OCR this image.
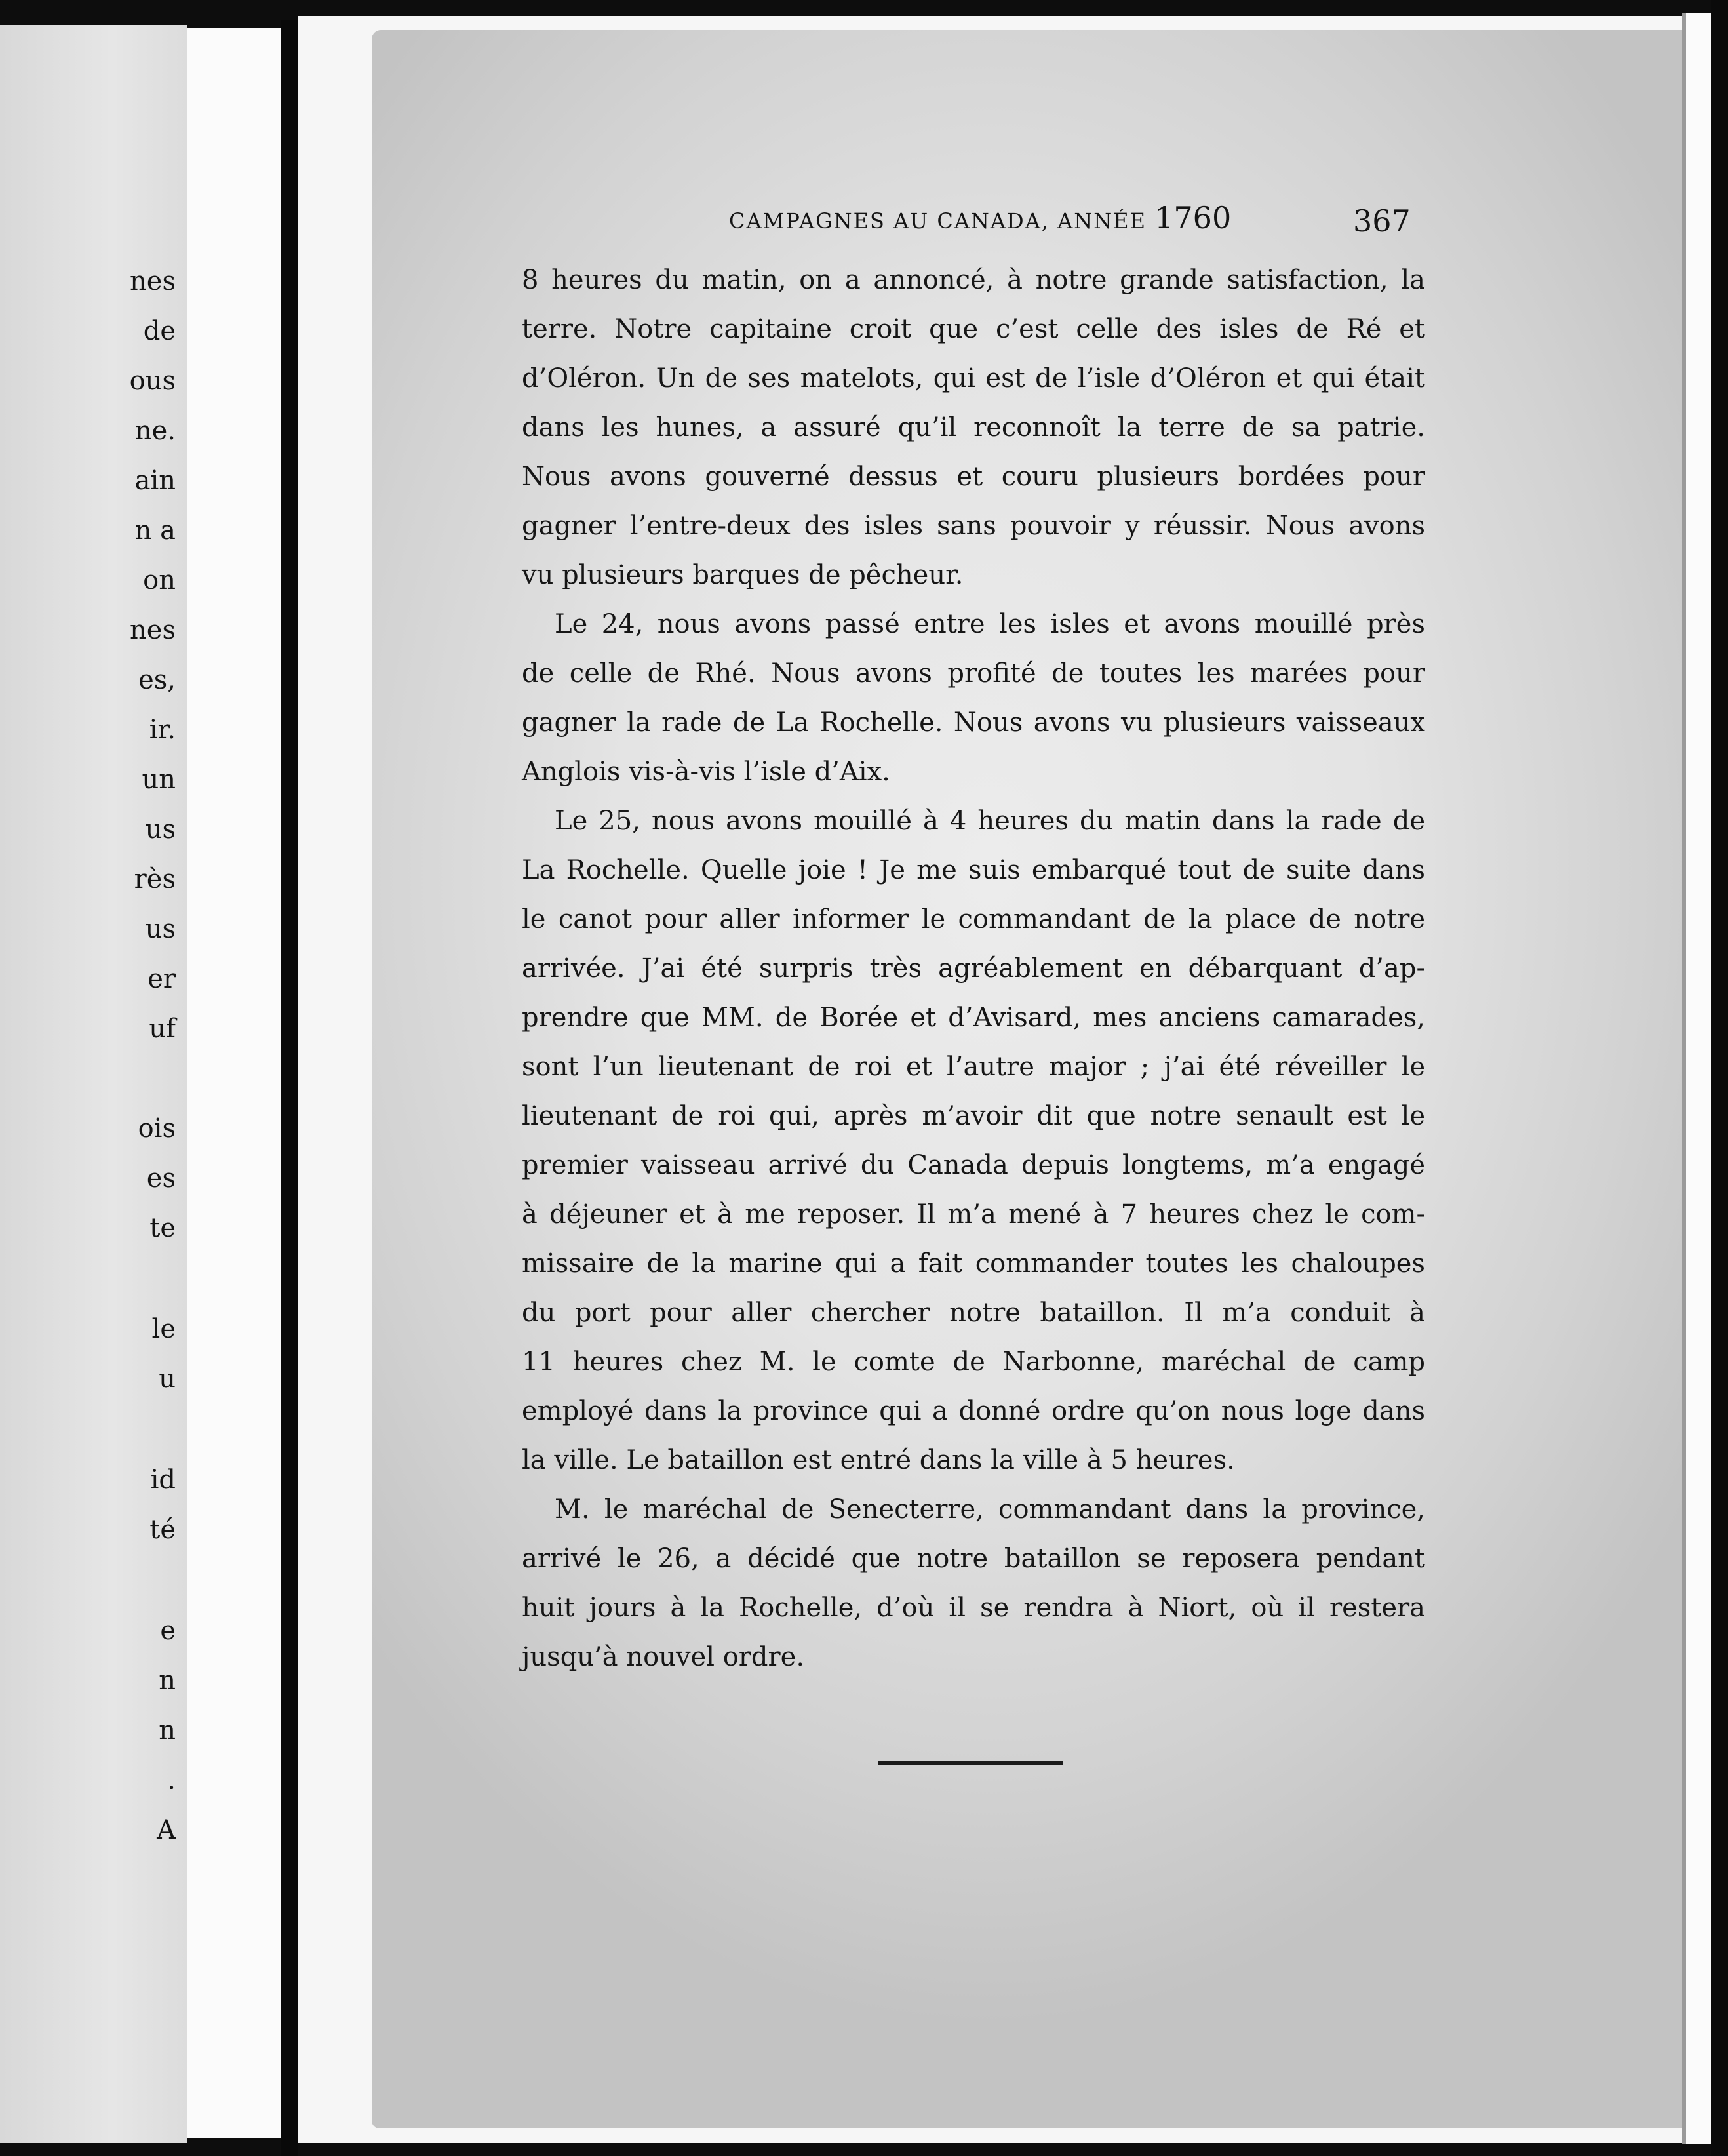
nes
de
ous
ne.
ain
n a
on
nes
es,
ir.
un
us
rès
us
er
uf
ois
es
te
le
u
id
té
e
n
n
.
A
CAMPAGNES AU CANADA, ANNÉE 1760	367
8 heures du matin, on a annoncé, à notre grande satisfaction, la
terre. Notre capitaine croit que c’est celle des isles de Ré et
d’Oléron. Un de ses matelots, qui est de l’isle d’Oléron et qui était
dans les hunes, a assuré qu’il reconnoît la terre de sa patrie.
Nous avons gouverné dessus et couru plusieurs bordées pour
gagner l’entre-deux des isles sans pouvoir y réussir. Nous avons
vu plusieurs barques de pêcheur.
Le 24, nous avons passé entre les isles et avons mouillé près
de celle de Rhé. Nous avons profité de toutes les marées pour
gagner la rade de La Rochelle. Nous avons vu plusieurs vaisseaux
Anglois vis-à-vis l’isle d’Aix.
Le 25, nous avons mouillé à 4 heures du matin dans la rade de
La Rochelle. Quelle joie ! Je me suis embarqué tout de suite dans
le canot pour aller informer le commandant de la place de notre
arrivée. J’ai été surpris très agréablement en débarquant d’ap-
prendre que MM. de Borée et d’Avisard, mes anciens camarades,
sont l’un lieutenant de roi et l’autre major ; j’ai été réveiller le
lieutenant de roi qui, après m’avoir dit que notre senault est le
premier vaisseau arrivé du Canada depuis longtems, m’a engagé
à déjeuner et à me reposer. Il m’a mené à 7 heures chez le com-
missaire de la marine qui a fait commander toutes les chaloupes
du port pour aller chercher notre bataillon. Il m’a conduit à
11 heures chez M. le comte de Narbonne, maréchal de camp
employé dans la province qui a donné ordre qu’on nous loge dans
la ville. Le bataillon est entré dans la ville à 5 heures.
M. le maréchal de Senecterre, commandant dans la province,
arrivé le 26, a décidé que notre bataillon se reposera pendant
huit jours à la Rochelle, d’où il se rendra à Niort, où il restera
jusqu’à nouvel ordre.
